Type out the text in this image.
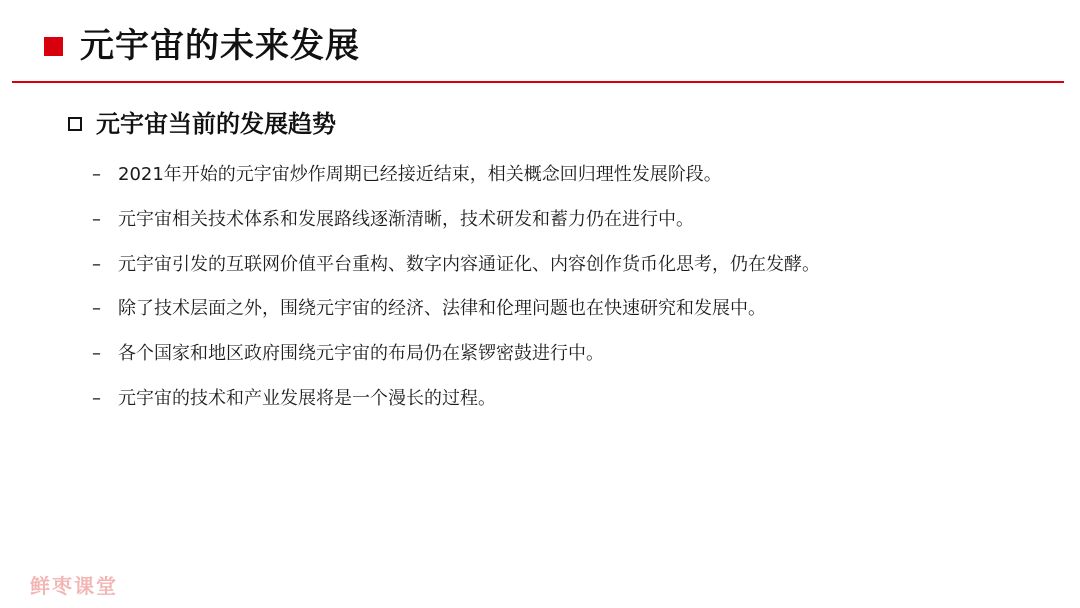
元宇宙的未来发展
元宇宙当前的发展趋势
– 2021年开始的元宇宙炒作周期已经接近结束，相关概念回归理性发展阶段。
– 元宇宙相关技术体系和发展路线逐渐清晰，技术研发和蓄力仍在进行中。
– 元宇宙引发的互联网价值平台重构、数字内容通证化、内容创作货币化思考，仍在发酵。
– 除了技术层面之外，围绕元宇宙的经济、法律和伦理问题也在快速研究和发展中。
– 各个国家和地区政府围绕元宇宙的布局仍在紧锣密鼓进行中。
– 元宇宙的技术和产业发展将是一个漫长的过程。
鲜枣课堂
